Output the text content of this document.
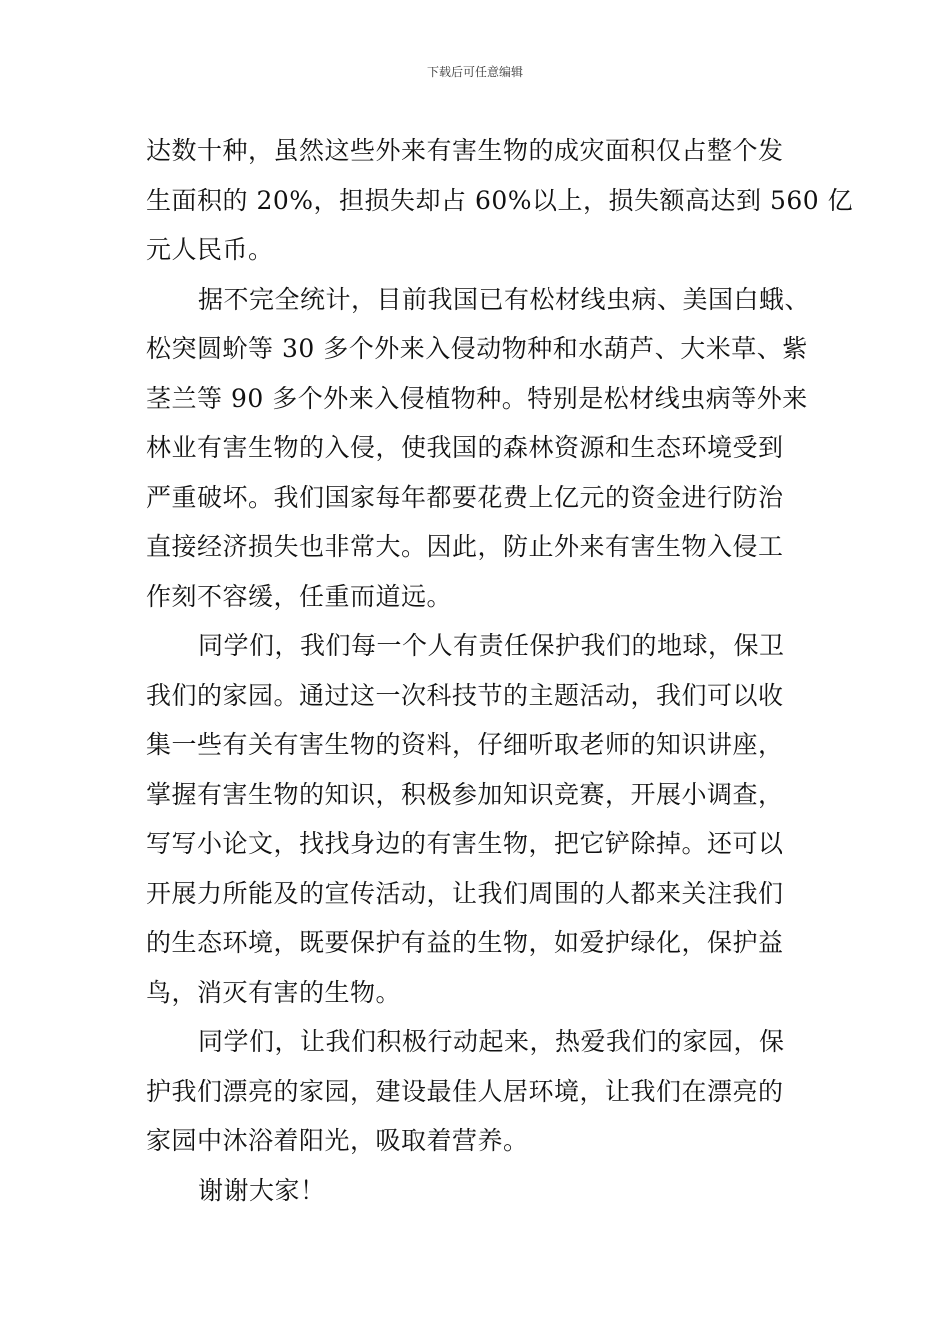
下载后可任意编辑
达数十种，虽然这些外来有害生物的成灾面积仅占整个发
生面积的 20%，担损失却占 60%以上，损失额高达到 560 亿
元人民币。
据不完全统计，目前我国已有松材线虫病、美国白蛾、
松突圆蚧等 30 多个外来入侵动物种和水葫芦、大米草、紫
茎兰等 90 多个外来入侵植物种。特别是松材线虫病等外来
林业有害生物的入侵，使我国的森林资源和生态环境受到
严重破坏。我们国家每年都要花费上亿元的资金进行防治
直接经济损失也非常大。因此，防止外来有害生物入侵工
作刻不容缓，任重而道远。
同学们，我们每一个人有责任保护我们的地球，保卫
我们的家园。通过这一次科技节的主题活动，我们可以收
集一些有关有害生物的资料，仔细听取老师的知识讲座，
掌握有害生物的知识，积极参加知识竞赛，开展小调查，
写写小论文，找找身边的有害生物，把它铲除掉。还可以
开展力所能及的宣传活动，让我们周围的人都来关注我们
的生态环境，既要保护有益的生物，如爱护绿化，保护益
鸟，消灭有害的生物。
同学们，让我们积极行动起来，热爱我们的家园，保
护我们漂亮的家园，建设最佳人居环境，让我们在漂亮的
家园中沐浴着阳光，吸取着营养。
谢谢大家！
